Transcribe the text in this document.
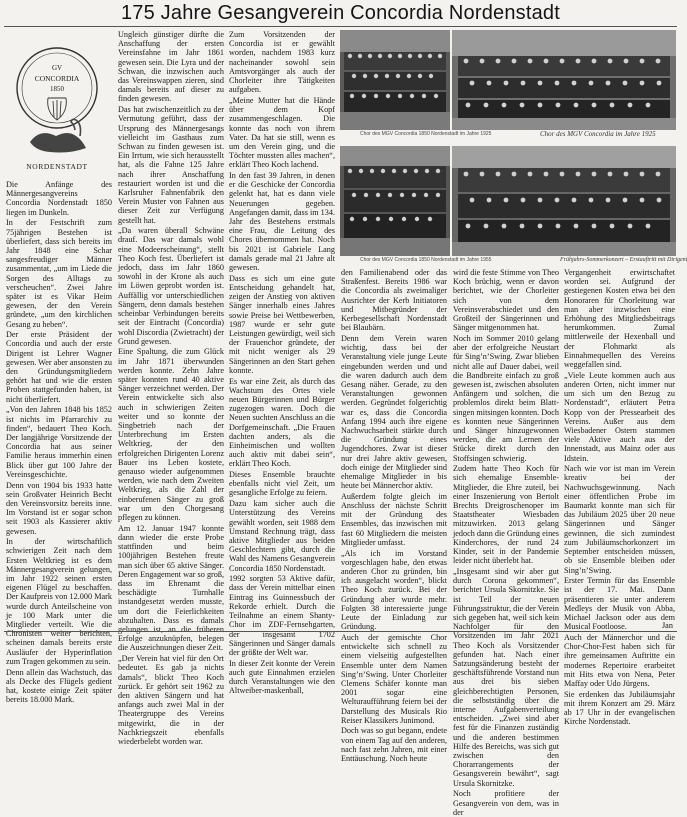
175 Jahre Gesangverein Concordia Nordenstadt
GV
CONCORDIA
1850
NORDENSTADT
Chor des MGV Concordia 1850 Nordenstadt im Jahre 1925	Chor des MGV Concordia im Jahre 1925
Chor des MGV Concordia 1850 Nordenstadt im Jahre 1955	Frühjahrs-Sommerkonzert – Erstauftritt mit Dirigent

Die Anfänge des Männergesangvereins Concordia Nordenstadt 1850 liegen im Dunkeln.

In der Festschrift zum 75jährigen Bestehen ist überliefert, dass sich bereits im Jahr 1848 eine Schar sangesfreudiger Männer zusammentat, „um im Liede die Sorgen des Alltags zu verscheuchen“. Zwei Jahre später ist es Vikar Heim gewesen, der den Verein gründete, „um den kirchlichen Gesang zu heben“.

Der erste Präsident der Concordia und auch der erste Dirigent ist Lehrer Wagner gewesen. Wer aber ansonsten zu den Gründungsmitgliedern gehört hat und wie die ersten Proben stattgefunden haben, ist nicht überliefert.

„Von den Jahren 1848 bis 1852 ist nichts im Pfarrarchiv zu finden“, bedauert Theo Koch. Der langjährige Vorsitzende der Concordia hat aus seiner Familie heraus immerhin einen Blick über gut 100 Jahre der Vereinsgeschichte.

Denn von 1904 bis 1933 hatte sein Großvater Heinrich Becht den Vereinsvorsitz bereits inne. Im Vorstand ist er sogar schon seit 1903 als Kassierer aktiv gewesen.

In der wirtschaftlich schwierigen Zeit nach dem Ersten Weltkrieg ist es dem Männergesangverein gelungen, im Jahr 1922 seinen ersten eigenen Flügel zu beschaffen. Der Kaufpreis von 12.000 Mark wurde durch Anteilscheine von je 100 Mark unter die Mitglieder verteilt. Wie die Chronisten weiter berichten, scheinen damals bereits erste Ausläufer der Hyperinflation zum Tragen gekommen zu sein.

Denn allein das Wachstuch, das als Decke des Flügels gedient hat, kostete einige Zeit später bereits 18.000 Mark.

Ungleich günstiger dürfte die Anschaffung der ersten Vereinsfahne im Jahr 1861 gewesen sein. Die Lyra und der Schwan, die inzwischen auch das Vereinswappen zieren, sind damals bereits auf dieser zu finden gewesen.

Das hat zwischenzeitlich zu der Vermutung geführt, dass der Ursprung des Männergesangs vielleicht im Gasthaus zum Schwan zu finden gewesen ist. Ein Irrtum, wie sich herausstellt hat, als die Fahne 125 Jahre nach ihrer Anschaffung restauriert worden ist und die Karlsruher Fahnenfabrik den Verein Muster von Fahnen aus dieser Zeit zur Verfügung gestellt hat.

„Da waren überall Schwäne drauf. Das war damals wohl eine Modeerscheinung“, stellt Theo Koch fest. Überliefert ist jedoch, dass im Jahr 1860 sowohl in der Krone als auch im Löwen geprobt worden ist. Auffällig vor unterschiedlichen Sängern, denn damals bestehen scheinbar Verbindungen bereits seit der Eintracht (Concordia) wohl Discordia (Zwietracht) der Grund gewesen.

Eine Spaltung, die zum Glück im Jahr 1871 überwunden werden konnte. Zehn Jahre später konnten rund 40 aktive Sänger verzeichnet werden. Der Verein entwickelte sich also auch in schwierigen Zeiten weiter und so konnte der Singbetrieb nach der Unterbrechung im Ersten Weltkrieg, der den erfolgreichen Dirigenten Lorenz Bauer ins Leben kostete, genauso wieder aufgenommen werden, wie nach dem Zweiten Weltkrieg, als die Zahl der einberufenen Sänger zu groß war um den Chorgesang pflegen zu können.

Am 12. Januar 1947 konnte dann wieder die erste Probe stattfinden und beim 100jährigen Bestehen freute man sich über 65 aktive Sänger. Deren Engagement war so groß, dass im Ehrenamt die beschädigte Turnhalle instandgesetzt werden musste, um dort die Feierlichkeiten abzuhalten. Dass es damals gelungen ist, an die früheren Erfolge anzuknüpfen, belegen die Auszeichnungen dieser Zeit.

„Der Verein hat viel für den Ort bedeutet. Es gab ja nichts damals“, blickt Theo Koch zurück. Er gehört seit 1962 zu den aktiven Sängern und hat anfangs auch zwei Mal in der Theatergruppe des Vereins mitgewirkt, die in der Nachkriegszeit ebenfalls wiederbelebt worden war.

Zum Vorsitzenden der Concordia ist er gewählt worden, nachdem 1983 kurz nacheinander sowohl sein Amtsvorgänger als auch der Chorleiter ihre Tätigkeiten aufgaben.

„Meine Mutter hat die Hände über dem Kopf zusammengeschlagen. Die konnte das noch von ihrem Vater. Da hat sie still, wenn es um den Verein ging, und die Töchter mussten alles machen“, erklärt Theo Koch lachend.

In den fast 39 Jahren, in denen er die Geschicke der Concordia gelenkt hat, hat es dann viele Neuerungen gegeben. Angefangen damit, dass im 134. Jahr des Bestehens erstmals eine Frau, die Leitung des Chores übernommen hat. Noch bis 2021 ist Gabriele Lang damals gerade mal 21 Jahre alt gewesen.

Dass es sich um eine gute Entscheidung gehandelt hat, zeigen der Anstieg von aktiven Sänger innerhalb eines Jahres sowie Preise bei Wettbewerben, 1987 wurde er sehr gute Leistungen gewürdigt, weil sich der Frauenchor gründete, der mit nicht weniger als 29 Sängerinnen an den Start gehen konnte.

Es war eine Zeit, als durch das Wachstum des Ortes viele neuen Bürgerinnen und Bürger zugezogen waren. Doch die Neuen suchten Anschluss an die Dorfgemeinschaft. „Die Frauen dachten anders, als die Einheimischen und wollten auch aktiv mit dabei sein“, erklärt Theo Koch.

Dieses Ensemble brauchte ebenfalls nicht viel Zeit, um gesangliche Erfolge zu feiern.

Dazu kam sicher auch die Unterstützung des Vereins gewählt worden, seit 1988 dem Umstand Rechnung trägt, dass aktive Mitglieder aus beiden Geschlechtern gibt, durch die Wahl des Namens Gesangverein Concordia 1850 Nordenstadt.

1992 sorgten 53 Aktive dafür, dass der Verein mittelbar einen Eintrag ins Guinnessbuch der Rekorde erhielt. Durch die Teilnahme an einem Shanty-Chor im ZDF-Fernsehgarten, der insgesamt 1702 Sängerinnen und Sänger damals der größte der Welt war.

In dieser Zeit konnte der Verein auch gute Einnahmen erzielen durch Veranstaltungen wie den Altweiber-maskenball,

den Familienabend oder das Straßenfest. Bereits 1986 war die Concordia als zweimaliger Ausrichter der Kerb Initiatoren und Mitbegründer der Kerbegesellschaft Nordenstadt bei Blaubärn.

Denn dem Verein waren wichtig, dass bei der Veranstaltung viele junge Leute eingebunden werden und und die waren dadurch auch dem Gesang näher. Gerade, zu den Veranstaltungen gewonnen werden. Gegründet folgerichtig war es, dass die Concordia Anfang 1994 auch ihre eigene Nachwuchsarbeit stärkte durch die Gründung eines Jugendchores. Zwar ist dieser nur drei Jahre aktiv gewesen, doch einige der Mitglieder sind ehemalige Mitglieder in bis heute bei Männerchor aktiv.

Außerdem folgte gleich im Anschluss der nächste Schritt mit der Gründung des Ensembles, das inzwischen mit fast 60 Mitgliedern die meisten Mitglieder umfasst.

„Als ich im Vorstand vorgeschlagen habe, den etwas anderen Chor zu gründen, bin ich ausgelacht worden“, blickt Theo Koch zurück. Bei der Gründung aber wurde mehr. Folgten 38 interessierte junge Leute der Einladung zur Gründung.

Auch der gemischte Chor entwickelte sich schnell zu einem vielseitig aufgestellten Ensemble unter dem Namen Sing’n’Swing. Unter Chorleiter Clemens Schäfer konnte man 2001 sogar eine Welturaufführung feiern bei der Darstellung des Musicals Rio Reiser Klassikers Junimond.

Doch was so gut begann, endete von einem Tag auf den anderen, nach fast zehn Jahren, mit einer Enttäuschung. Noch heute

wird die feste Stimme von Theo Koch brüchig, wenn er davon berichtet, wie der Chorleiter sich von dem Vereinsverabschiedet und den Großteil der Sängerinnen und Sänger mitgenommen hat.

Noch im Sommer 2010 gelang aber der erfolgreiche Neustart für Sing’n’Swing. Zwar blieben nicht alle auf Dauer dabei, weil die Bandbreite einfach zu groß gewesen ist, zwischen absoluten Anfängern und solchen, die problemlos direkt beim Blatt-singen mitsingen konnten. Doch es konnten neue Sängerinnen und Sänger hinzugewonnen werden, die am Lernen der Stücke direkt durch den Stoffsingen schwierig.

Zudem hatte Theo Koch für sich ehemalige Ensemble-Mitglieder, die Ehre zuteil, bei einer Inszenierung von Bertolt Brechts Dreigroschenoper im Staatstheater Wiesbaden mitzuwirken. 2013 gelang jedoch dann die Gründung eines Kinderchores, der rund 24 Kinder, seit in der Pandemie leider nicht überlebt hat.

„Insgesamt sind wir aber gut durch Corona gekommen“, berichtet Ursula Skornitzke. Sie ist Teil der neuen Führungsstruktur, die der Verein sich gegeben hat, weil sich kein Nachfolger für den Vorsitzenden im Jahr 2021 Theo Koch als Vorsitzender gefunden hat. Nach einer Satzungsänderung besteht der geschäftsführende Vorstand nun aus drei bis sieben gleichberechtigten Personen, die selbstständig über die interne Aufgabenverteilung entscheiden. „Zwei sind aber fest für die Finanzen zuständig und die anderen bestimmen Hilfe des Bereichs, was sich gut zwischen den Chorarrangements der Gesangsverein bewährt“, sagt Ursula Skornitzke.

Noch profitiere der Gesangverein von dem, was in der

Vergangenheit erwirtschaftet worden sei. Aufgrund der gestiegenen Kosten etwa bei den Honoraren für Chorleitung war man aber inzwischen eine Erhöhung des Mitgliedsbeitrags herumkommen. Zumal mittlerweile der Hexenball und der Flohmarkt als Einnahmequellen des Vereins weggefallen sind.

„Viele Leute kommen auch aus anderen Orten, nicht immer nur um sich um den Bezug zu Nordenstadt“, erläutert Petra Kopp von der Pressearbeit des Vereins. Außer aus dem Wiesbadener Ostern stammen viele Aktive auch aus der Innenstadt, aus Mainz oder aus Idstein.

Nach wie vor ist man im Verein kreativ bei der Nachwuchsgewinnung. Nach einer öffentlichen Probe im Baumarkt konnte man sich für das Jubiläum 2025 über 20 neue Sängerinnen und Sänger gewinnen, die sich zumindest zum Jubiläumschorkonzert im September entscheiden müssen, ob sie Ensemble bleiben oder Sing’n’Swing.

Erster Termin für das Ensemble ist der 17. Mai. Dann präsentieren sie unter anderem Medleys der Musik von Abba, Michael Jackson oder aus dem Musical Footloose.

Auch der Männerchor und die Chor-Chor-Fest haben sich für ihre gemeinsamen Auftritte ein modernes Repertoire erarbeitet mit Hits etwa von Nena, Peter Maffay oder Udo Jürgens.

Sie erdenken das Jubiläumsjahr mit ihrem Konzert am 29. März ab 17 Uhr in der evangelischen Kirche Nordenstadt.

Jan
